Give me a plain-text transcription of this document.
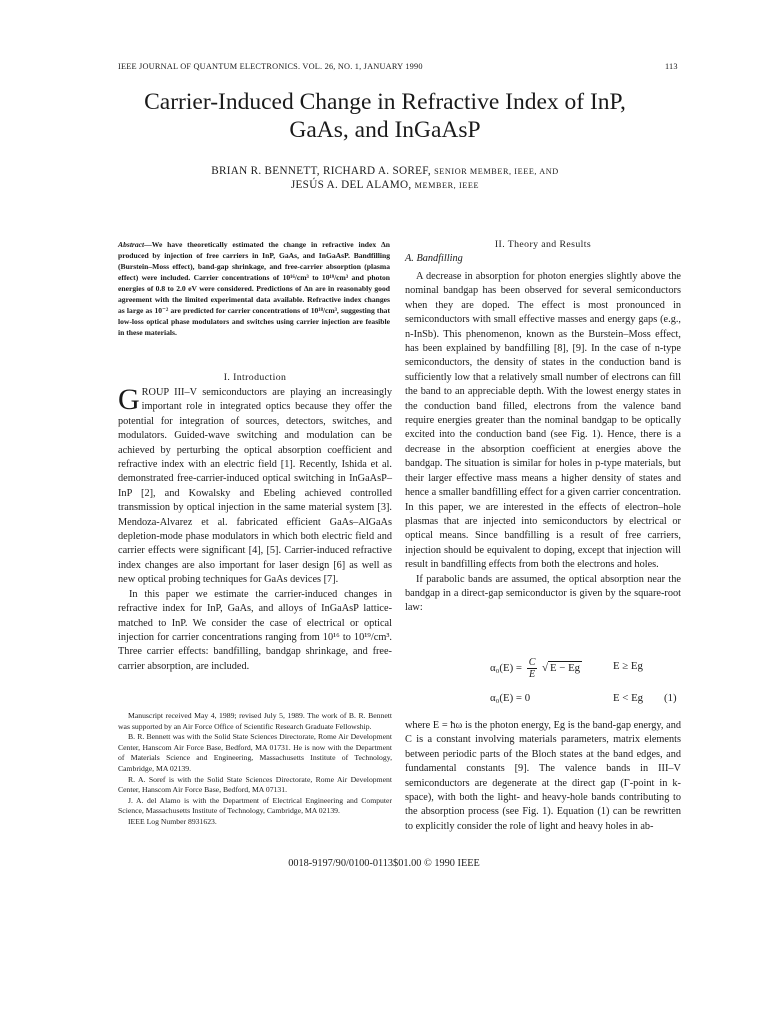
IEEE JOURNAL OF QUANTUM ELECTRONICS. VOL. 26, NO. 1, JANUARY 1990	113
Carrier-Induced Change in Refractive Index of InP,
GaAs, and InGaAsP
BRIAN R. BENNETT, RICHARD A. SOREF, SENIOR MEMBER, IEEE, AND
JESÚS A. DEL ALAMO, MEMBER, IEEE
Abstract—We have theoretically estimated the change in refractive index Δn produced by injection of free carriers in InP, GaAs, and InGaAsP. Bandfilling (Burstein–Moss effect), band-gap shrinkage, and free-carrier absorption (plasma effect) were included. Carrier concentrations of 10¹⁶/cm³ to 10¹⁹/cm³ and photon energies of 0.8 to 2.0 eV were considered. Predictions of Δn are in reasonably good agreement with the limited experimental data available. Refractive index changes as large as 10⁻² are predicted for carrier concentrations of 10¹⁸/cm³, suggesting that low-loss optical phase modulators and switches using carrier injection are feasible in these materials.
I. Introduction

GROUP III–V semiconductors are playing an increasingly important role in integrated optics because they offer the potential for integration of sources, detectors, switches, and modulators. Guided-wave switching and modulation can be achieved by perturbing the optical absorption coefficient and refractive index with an electric field [1]. Recently, Ishida et al. demonstrated free-carrier-induced optical switching in InGaAsP–InP [2], and Kowalsky and Ebeling achieved controlled transmission by optical injection in the same material system [3]. Mendoza-Alvarez et al. fabricated efficient GaAs–AlGaAs depletion-mode phase modulators in which both electric field and carrier effects were significant [4], [5]. Carrier-induced refractive index changes are also important for laser design [6] as well as new optical probing techniques for GaAs devices [7].

In this paper we estimate the carrier-induced changes in refractive index for InP, GaAs, and alloys of InGaAsP lattice-matched to InP. We consider the case of electrical or optical injection for carrier concentrations ranging from 10¹⁶ to 10¹⁹/cm³. Three carrier effects: bandfilling, bandgap shrinkage, and free-carrier absorption, are included.

Manuscript received May 4, 1989; revised July 5, 1989. The work of B. R. Bennett was supported by an Air Force Office of Scientific Research Graduate Fellowship.

B. R. Bennett was with the Solid State Sciences Directorate, Rome Air Development Center, Hanscom Air Force Base, Bedford, MA 01731. He is now with the Department of Materials Science and Engineering, Massachusetts Institute of Technology, Cambridge, MA 02139.

R. A. Soref is with the Solid State Sciences Directorate, Rome Air Development Center, Hanscom Air Force Base, Bedford, MA 07131.

J. A. del Alamo is with the Department of Electrical Engineering and Computer Science, Massachusetts Institute of Technology, Cambridge, MA 02139.

IEEE Log Number 8931623.

II. Theory and Results
A. Bandfilling

A decrease in absorption for photon energies slightly above the nominal bandgap has been observed for several semiconductors when they are doped. The effect is most pronounced in semiconductors with small effective masses and energy gaps (e.g., n-InSb). This phenomenon, known as the Burstein–Moss effect, has been explained by bandfilling [8], [9]. In the case of n-type semiconductors, the density of states in the conduction band is sufficiently low that a relatively small number of electrons can fill the band to an appreciable depth. With the lowest energy states in the conduction band filled, electrons from the valence band require energies greater than the nominal bandgap to be optically excited into the conduction band (see Fig. 1). Hence, there is a decrease in the absorption coefficient at energies above the bandgap. The situation is similar for holes in p-type materials, but their larger effective mass means a higher density of states and hence a smaller bandfilling effect for a given carrier concentration. In this paper, we are interested in the effects of electron–hole plasmas that are injected into semiconductors by electrical or optical means. Since bandfilling is a result of free carriers, injection should be equivalent to doping, except that injection will result in bandfilling effects from both the electrons and holes.

If parabolic bands are assumed, the optical absorption near the bandgap in a direct-gap semiconductor is given by the square-root law:

$\alpha_0(E) = \frac{C}{E}$ √ E − Eg	E ≥ Eg
α₀(E) = 0	E < Eg (1)

where E = ħω is the photon energy, Eg is the band-gap energy, and C is a constant involving materials parameters, matrix elements between periodic parts of the Bloch states at the band edges, and fundamental constants [9]. The valence bands in III–V semiconductors are degenerate at the direct gap (Γ-point in k-space), with both the light- and heavy-hole bands contributing to the absorption process (see Fig. 1). Equation (1) can be rewritten to explicitly consider the role of light and heavy holes in ab-

0018-9197/90/0100-0113$01.00 © 1990 IEEE
